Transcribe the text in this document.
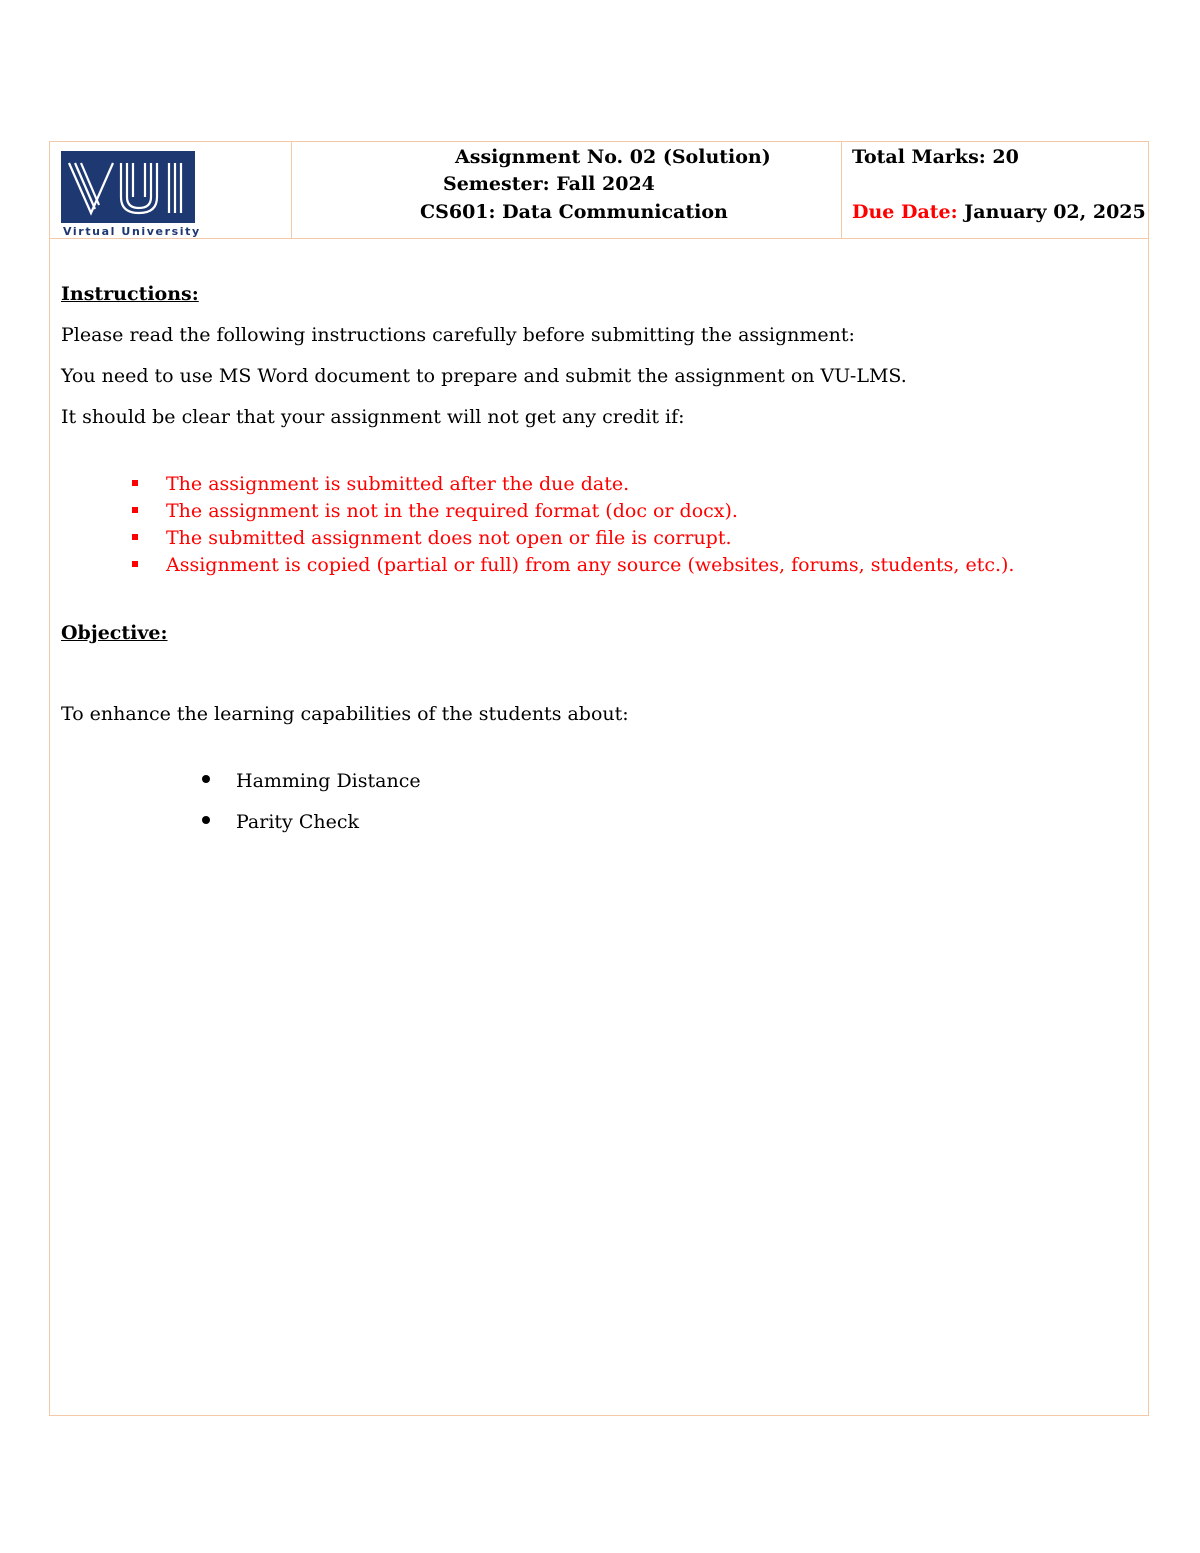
Virtual University
Assignment No. 02 (Solution)
Semester: Fall 2024
CS601: Data Communication
Total Marks: 20
Due Date: January 02, 2025
Instructions:
Please read the following instructions carefully before submitting the assignment:
You need to use MS Word document to prepare and submit the assignment on VU-LMS.
It should be clear that your assignment will not get any credit if:
The assignment is submitted after the due date.
The assignment is not in the required format (doc or docx).
The submitted assignment does not open or file is corrupt.
Assignment is copied (partial or full) from any source (websites, forums, students, etc.).
Objective:
To enhance the learning capabilities of the students about:
Hamming Distance
Parity Check
